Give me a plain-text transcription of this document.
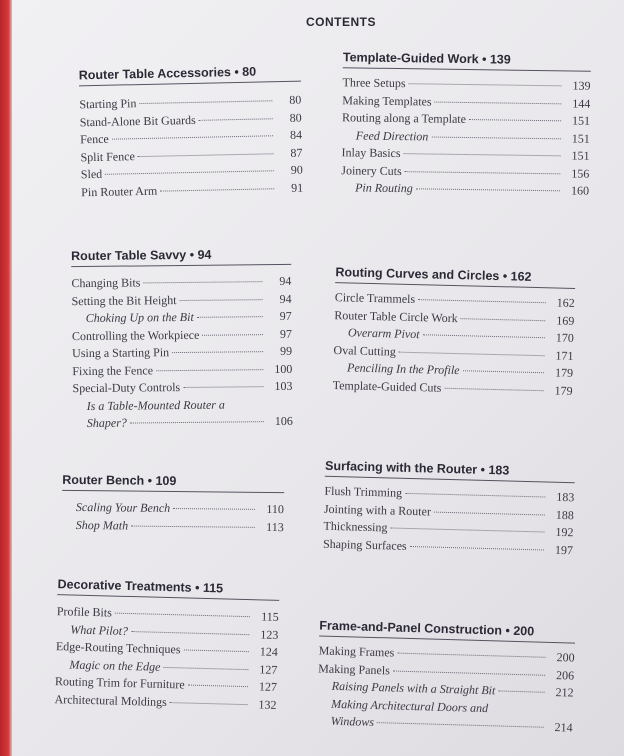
CONTENTS
Router Table Accessories • 80
Starting Pin	80
Stand-Alone Bit Guards	80
Fence	84
Split Fence	87
Sled	90
Pin Router Arm	91
Router Table Savvy • 94
Changing Bits	94
Setting the Bit Height	94
Choking Up on the Bit	97
Controlling the Workpiece	97
Using a Starting Pin	99
Fixing the Fence	100
Special-Duty Controls	103
Is a Table-Mounted Router a
Shaper?	106
Router Bench • 109
Scaling Your Bench	110
Shop Math	113
Decorative Treatments • 115
Profile Bits	115
What Pilot?	123
Edge-Routing Techniques	124
Magic on the Edge	127
Routing Trim for Furniture	127
Architectural Moldings	132
Template-Guided Work • 139
Three Setups	139
Making Templates	144
Routing along a Template	151
Feed Direction	151
Inlay Basics	151
Joinery Cuts	156
Pin Routing	160
Routing Curves and Circles • 162
Circle Trammels	162
Router Table Circle Work	169
Overarm Pivot	170
Oval Cutting	171
Penciling In the Profile	179
Template-Guided Cuts	179
Surfacing with the Router • 183
Flush Trimming	183
Jointing with a Router	188
Thicknessing	192
Shaping Surfaces	197
Frame-and-Panel Construction • 200
Making Frames	200
Making Panels	206
Raising Panels with a Straight Bit	212
Making Architectural Doors and
Windows	214
